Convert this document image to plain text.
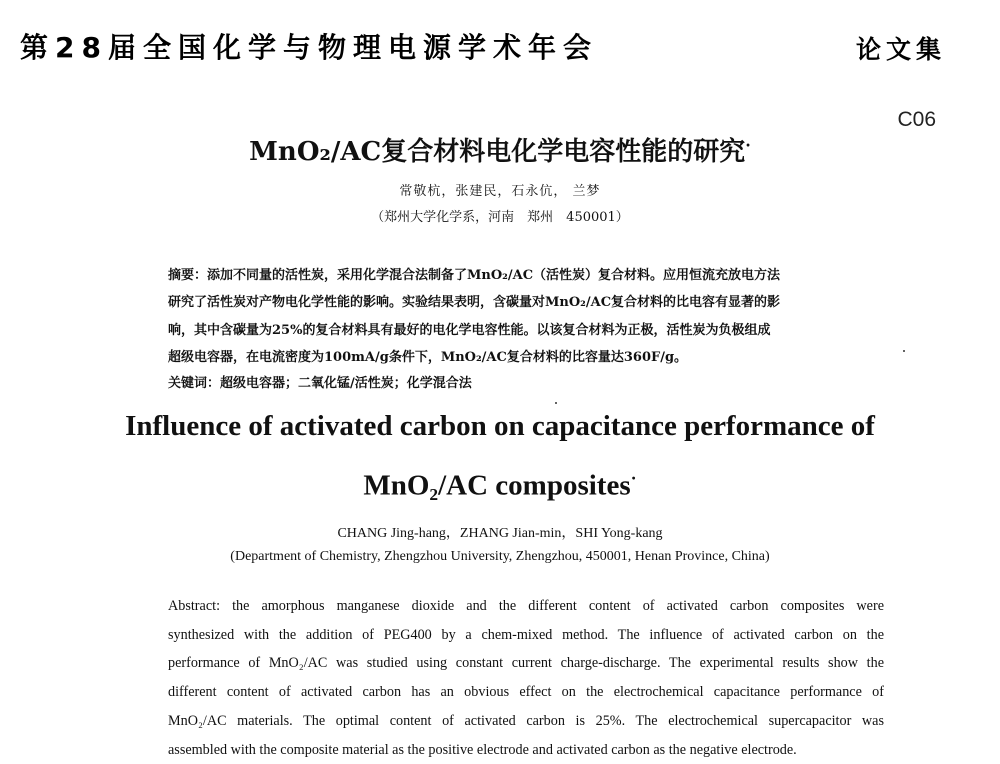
第28届全国化学与物理电源学术年会	论文集
C06
MnO₂/AC复合材料电化学电容性能的研究·
常敬杭，张建民，石永伉， 兰梦
（郑州大学化学系，河南　郑州　450001）
摘要：添加不同量的活性炭，采用化学混合法制备了MnO₂/AC（活性炭）复合材料。应用恒流充放电方法
研究了活性炭对产物电化学性能的影响。实验结果表明，含碳量对MnO₂/AC复合材料的比电容有显著的影
响，其中含碳量为25%的复合材料具有最好的电化学电容性能。以该复合材料为正极，活性炭为负极组成
超级电容器，在电流密度为100mA/g条件下，MnO₂/AC复合材料的比容量达360F/g。
关键词：超级电容器；二氧化锰/活性炭；化学混合法
Influence of activated carbon on capacitance performance of
MnO₂/AC composites·
CHANG Jing-hang，ZHANG Jian-min，SHI Yong-kang
(Department of Chemistry, Zhengzhou University, Zhengzhou, 450001, Henan Province, China)
Abstract: the amorphous manganese dioxide and the different content of activated carbon composites were
synthesized with the addition of PEG400 by a chem-mixed method. The influence of activated carbon on the
performance of MnO₂/AC was studied using constant current charge-discharge. The experimental results show the
different content of activated carbon has an obvious effect on the electrochemical capacitance performance of
MnO₂/AC materials. The optimal content of activated carbon is 25%. The electrochemical supercapacitor was
assembled with the composite material as the positive electrode and activated carbon as the negative electrode.
